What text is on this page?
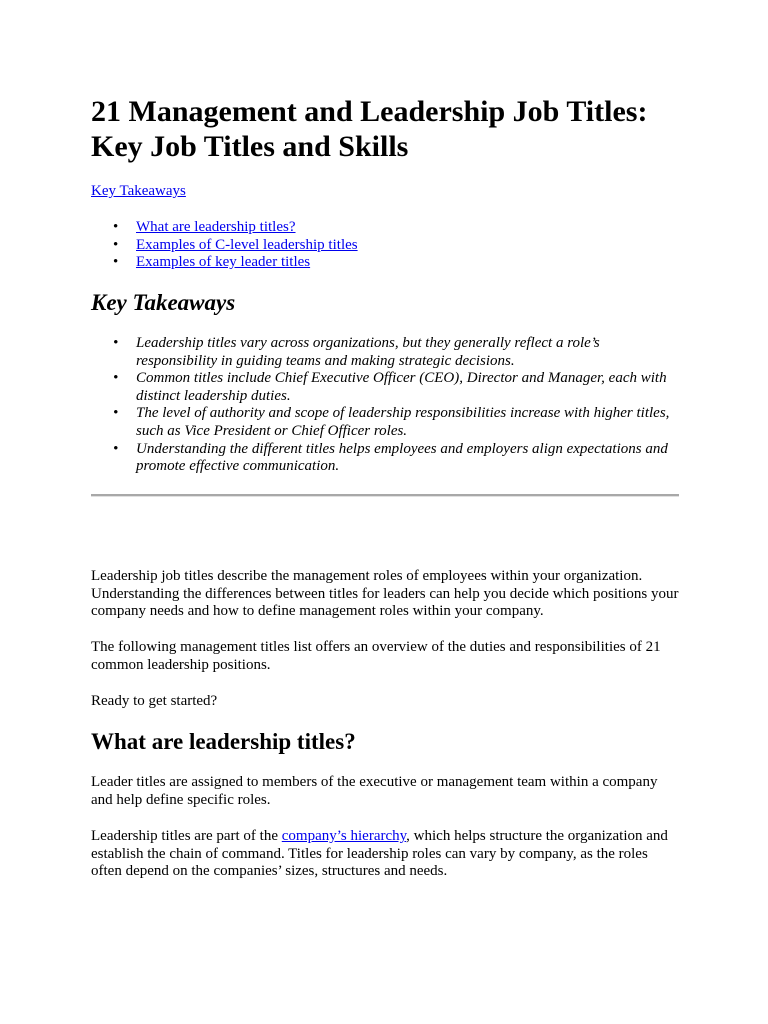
21 Management and Leadership Job Titles: Key Job Titles and Skills
Key Takeaways
• What are leadership titles?
• Examples of C-level leadership titles
• Examples of key leader titles
Key Takeaways
• Leadership titles vary across organizations, but they generally reflect a role’s responsibility in guiding teams and making strategic decisions.
• Common titles include Chief Executive Officer (CEO), Director and Manager, each with distinct leadership duties.
• The level of authority and scope of leadership responsibilities increase with higher titles, such as Vice President or Chief Officer roles.
• Understanding the different titles helps employees and employers align expectations and promote effective communication.

Leadership job titles describe the management roles of employees within your organization. Understanding the differences between titles for leaders can help you decide which positions your company needs and how to define management roles within your company.

The following management titles list offers an overview of the duties and responsibilities of 21 common leadership positions.

Ready to get started?

What are leadership titles?

Leader titles are assigned to members of the executive or management team within a company and help define specific roles.

Leadership titles are part of the company’s hierarchy, which helps structure the organization and establish the chain of command. Titles for leadership roles can vary by company, as the roles often depend on the companies’ sizes, structures and needs.
